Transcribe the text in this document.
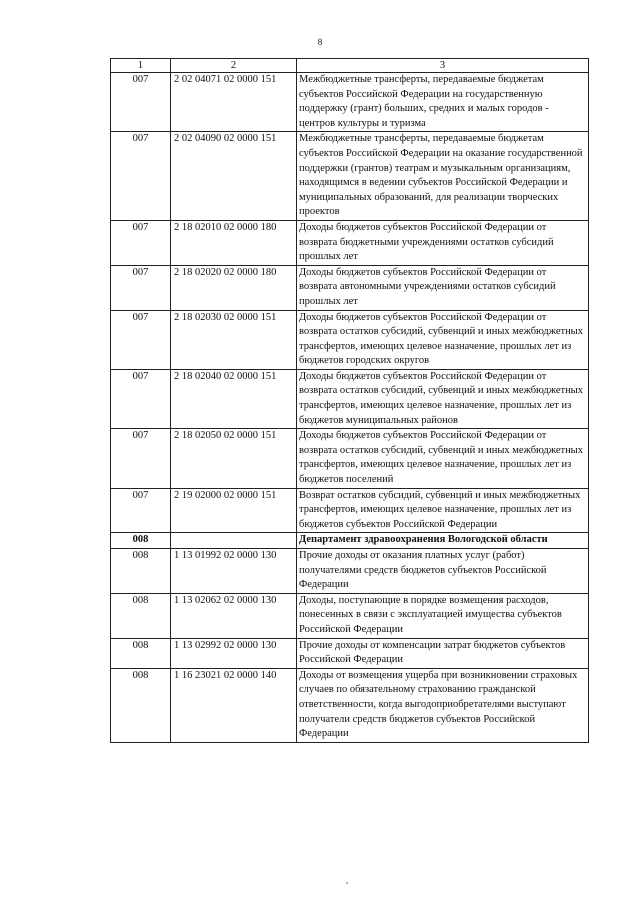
8
1	2	3
007	2 02 04071 02 0000 151	Межбюджетные трансферты, передаваемые бюджетам субъектов Российской Федерации на государственную поддержку (грант) больших, средних и малых городов - центров культуры и туризма
007	2 02 04090 02 0000 151	Межбюджетные трансферты, передаваемые бюджетам субъектов Российской Федерации на оказание государственной поддержки (грантов) театрам и музыкальным организациям, находящимся в ведении субъектов Российской Федерации и муниципальных образований, для реализации творческих проектов
007	2 18 02010 02 0000 180	Доходы бюджетов субъектов Российской Федерации от возврата бюджетными учреждениями остатков субсидий прошлых лет
007	2 18 02020 02 0000 180	Доходы бюджетов субъектов Российской Федерации от возврата автономными учреждениями остатков субсидий прошлых лет
007	2 18 02030 02 0000 151	Доходы бюджетов субъектов Российской Федерации от возврата остатков субсидий, субвенций и иных межбюджетных трансфертов, имеющих целевое назначение, прошлых лет из бюджетов городских округов
007	2 18 02040 02 0000 151	Доходы бюджетов субъектов Российской Федерации от возврата остатков субсидий, субвенций и иных межбюджетных трансфертов, имеющих целевое назначение, прошлых лет из бюджетов муниципальных районов
007	2 18 02050 02 0000 151	Доходы бюджетов субъектов Российской Федерации от возврата остатков субсидий, субвенций и иных межбюджетных трансфертов, имеющих целевое назначение, прошлых лет из бюджетов поселений
007	2 19 02000 02 0000 151	Возврат остатков субсидий, субвенций и иных межбюджетных трансфертов, имеющих целевое назначение, прошлых лет из бюджетов субъектов Российской Федерации
008		Департамент здравоохранения Вологодской области
008	1 13 01992 02 0000 130	Прочие доходы от оказания платных услуг (работ) получателями средств бюджетов субъектов Российской Федерации
008	1 13 02062 02 0000 130	Доходы, поступающие в порядке возмещения расходов, понесенных в связи с эксплуатацией имущества субъектов Российской Федерации
008	1 13 02992 02 0000 130	Прочие доходы от компенсации затрат бюджетов субъектов Российской Федерации
008	1 16 23021 02 0000 140	Доходы от возмещения ущерба при возникновении страховых случаев по обязательному страхованию гражданской ответственности, когда выгодоприобретателями выступают получатели средств бюджетов субъектов Российской Федерации
